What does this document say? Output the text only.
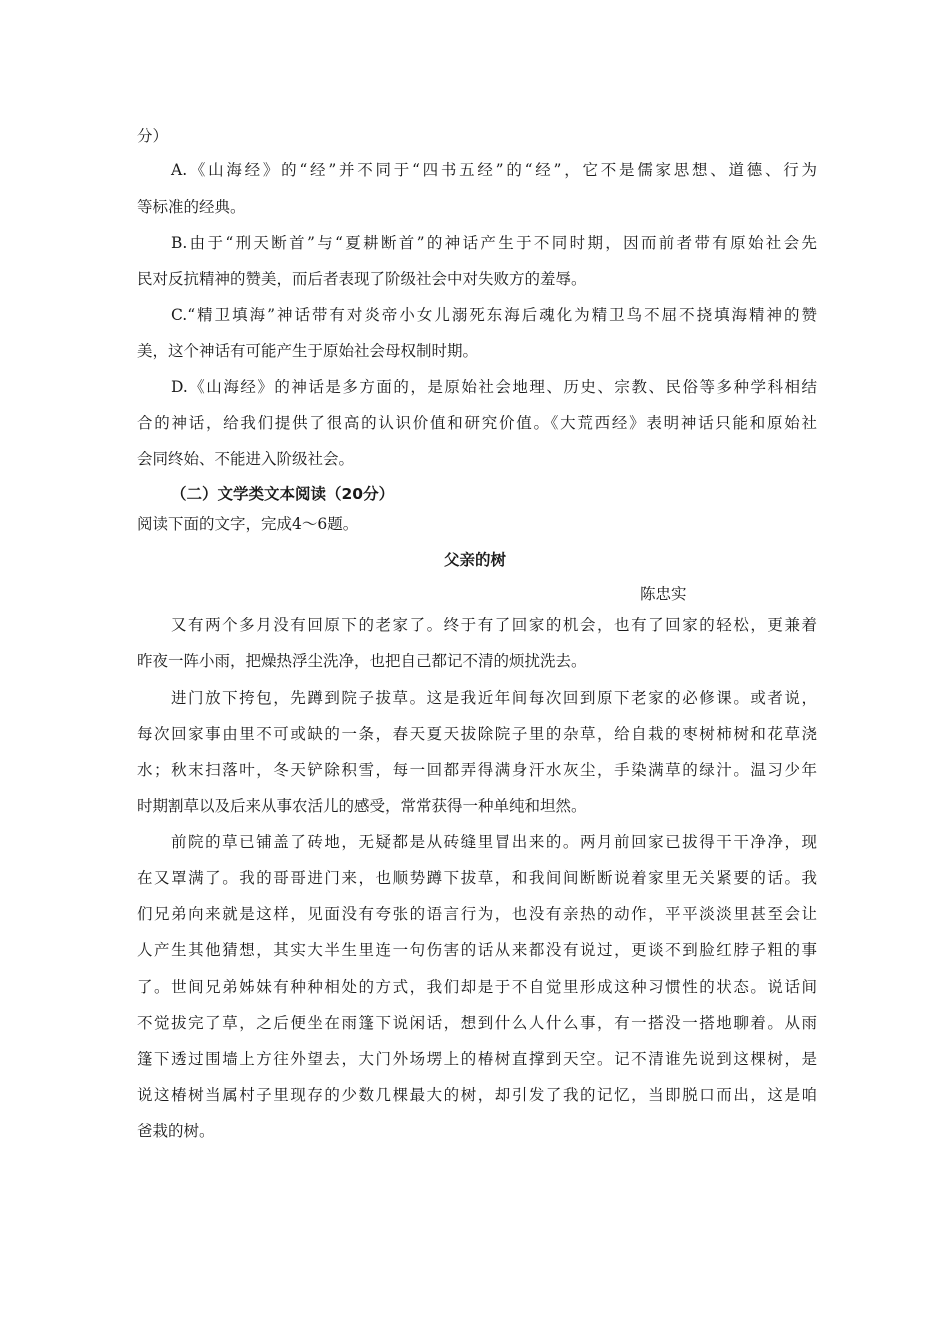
分）
A.《山海经》的“经”并不同于“四书五经”的“经”，它不是儒家思想、道德、行为
等标准的经典。
B.由于“刑天断首”与“夏耕断首”的神话产生于不同时期，因而前者带有原始社会先
民对反抗精神的赞美，而后者表现了阶级社会中对失败方的羞辱。
C.“精卫填海”神话带有对炎帝小女儿溺死东海后魂化为精卫鸟不屈不挠填海精神的赞
美，这个神话有可能产生于原始社会母权制时期。
D.《山海经》的神话是多方面的，是原始社会地理、历史、宗教、民俗等多种学科相结
合的神话，给我们提供了很高的认识价值和研究价值。《大荒西经》表明神话只能和原始社
会同终始、不能进入阶级社会。
（二）文学类文本阅读（20分）
阅读下面的文字，完成4～6题。
父亲的树
陈忠实
又有两个多月没有回原下的老家了。终于有了回家的机会，也有了回家的轻松，更兼着
昨夜一阵小雨，把燥热浮尘洗净，也把自己都记不清的烦扰洗去。
进门放下挎包，先蹲到院子拔草。这是我近年间每次回到原下老家的必修课。或者说，
每次回家事由里不可或缺的一条，春天夏天拔除院子里的杂草，给自栽的枣树柿树和花草浇
水；秋末扫落叶，冬天铲除积雪，每一回都弄得满身汗水灰尘，手染满草的绿汁。温习少年
时期割草以及后来从事农活儿的感受，常常获得一种单纯和坦然。
前院的草已铺盖了砖地，无疑都是从砖缝里冒出来的。两月前回家已拔得干干净净，现
在又罩满了。我的哥哥进门来，也顺势蹲下拔草，和我间间断断说着家里无关紧要的话。我
们兄弟向来就是这样，见面没有夸张的语言行为，也没有亲热的动作，平平淡淡里甚至会让
人产生其他猜想，其实大半生里连一句伤害的话从来都没有说过，更谈不到脸红脖子粗的事
了。世间兄弟姊妹有种种相处的方式，我们却是于不自觉里形成这种习惯性的状态。说话间
不觉拔完了草，之后便坐在雨篷下说闲话，想到什么人什么事，有一搭没一搭地聊着。从雨
篷下透过围墙上方往外望去，大门外场塄上的椿树直撑到天空。记不清谁先说到这棵树，是
说这椿树当属村子里现存的少数几棵最大的树，却引发了我的记忆，当即脱口而出，这是咱
爸栽的树。
